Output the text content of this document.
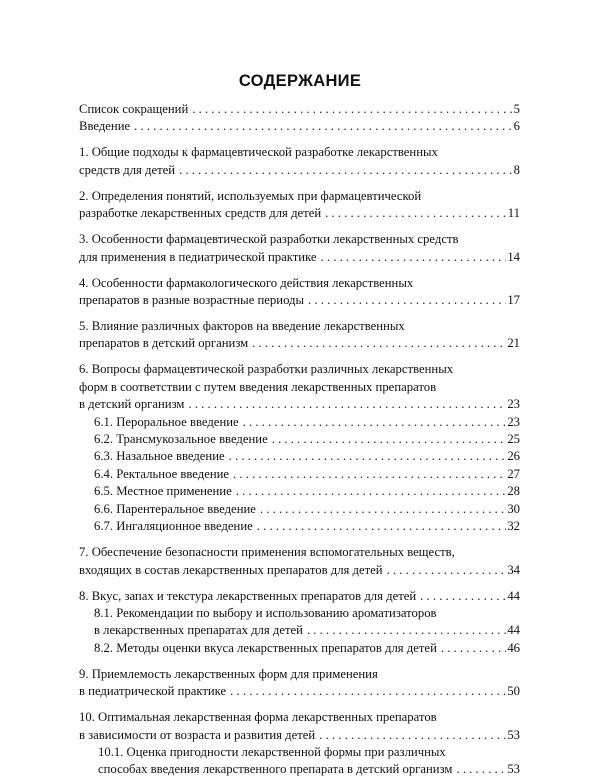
СОДЕРЖАНИЕ
Список сокращений . . .	5
Введение . . .	6
1. Общие подходы к фармацевтической разработке лекарственных
средств для детей . . .	8
2. Определения понятий, используемых при фармацевтической
разработке лекарственных средств для детей . . .	11
3. Особенности фармацевтической разработки лекарственных средств
для применения в педиатрической практике . . .	14
4. Особенности фармакологического действия лекарственных
препаратов в разные возрастные периоды . . .	17
5. Влияние различных факторов на введение лекарственных
препаратов в детский организм . . .	21
6. Вопросы фармацевтической разработки различных лекарственных
форм в соответствии с путем введения лекарственных препаратов
в детский организм . . .	23
6.1. Пероральное введение . . .	23
6.2. Трансмукозальное введение . . .	25
6.3. Назальное введение . . .	26
6.4. Ректальное введение . . .	27
6.5. Местное применение . . .	28
6.6. Парентеральное введение . . .	30
6.7. Ингаляционное введение . . .	32
7. Обеспечение безопасности применения вспомогательных веществ,
входящих в состав лекарственных препаратов для детей . . .	34
8. Вкус, запах и текстура лекарственных препаратов для детей . . .	44
8.1. Рекомендации по выбору и использованию ароматизаторов
в лекарственных препаратах для детей . . .	44
8.2. Методы оценки вкуса лекарственных препаратов для детей . . .	46
9. Приемлемость лекарственных форм для применения
в педиатрической практике . . .	50
10. Оптимальная лекарственная форма лекарственных препаратов
в зависимости от возраста и развития детей . . .	53
10.1. Оценка пригодности лекарственной формы при различных
способах введения лекарственного препарата в детский организм . . .	53
